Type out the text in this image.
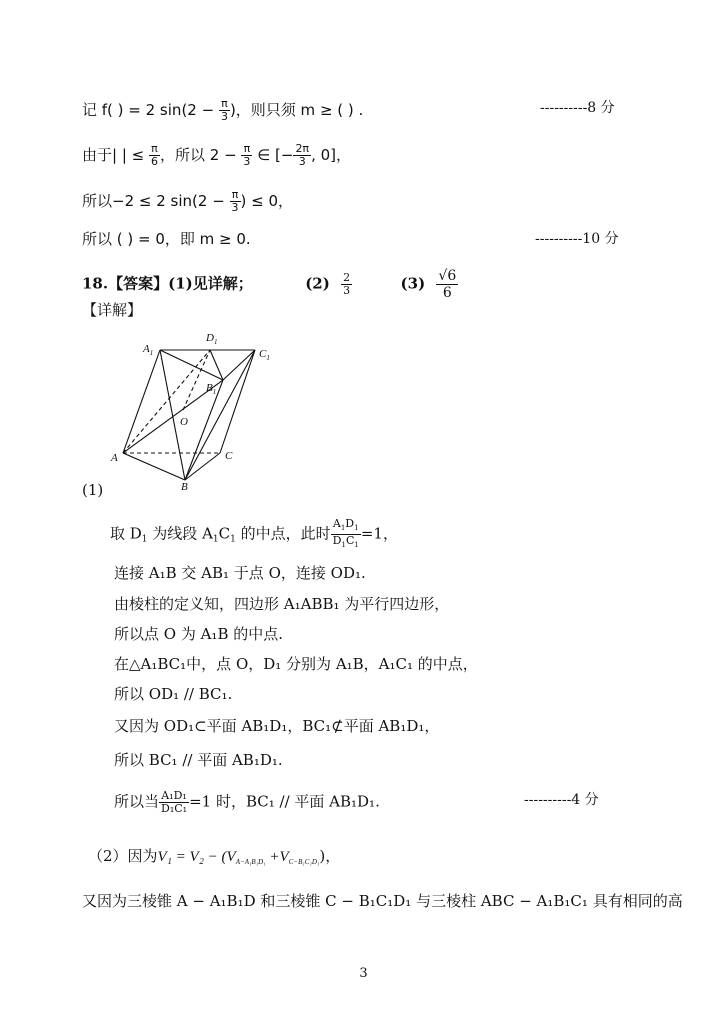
记 f( ) = 2 $\sin(2 - \frac{\pi}{3}$ )，则只须 m ≥ ( ) .	----------8 分
由于| | ≤ $\frac{\pi}{6}$ ，所以 $2 - \frac{\pi}{3}$ ∈ [− $\frac{2\pi}{3}$ , 0]，
所以−2 ≤ 2 $\sin(2 - \frac{\pi}{3}$ ) ≤ 0，
所以 ( ) = 0，即 m ≥ 0.	----------10 分
18.【答案】(1)见详解；	$(2) \frac{2}{3}$	$(3) \frac{√6}{6}$
【详解】
$A_1$
$D_1$
$C_1$
$B_1$
O
A
B
C
(1)
取 $D_1$ 为线段 $A_1C_1$ 的中点，此时 $\frac{A_1D_1}{D_1C_1} =1$，
连接 A₁B 交 AB₁ 于点 O，连接 OD₁.
由棱柱的定义知，四边形 A₁ABB₁ 为平行四边形，
所以点 O 为 A₁B 的中点.
在△A₁BC₁中，点 O，D₁ 分别为 A₁B，A₁C₁ 的中点，
所以 OD₁ // BC₁.
又因为 OD₁⊂平面 AB₁D₁，BC₁⊄平面 AB₁D₁，
所以 BC₁ // 平面 AB₁D₁.
所以当 $\frac{\text{A₁D₁}}{\text{D₁C₁}} =1$ 时，BC₁ // 平面 AB₁D₁.	----------4 分
（2）因为$V_1 = V_2 - (V_{A-A_1B_1D_1} +V_{C-B_1C_1D_1})$，
又因为三棱锥 A − A₁B₁D 和三棱锥 C − B₁C₁D₁ 与三棱柱 ABC − A₁B₁C₁ 具有相同的高
3
